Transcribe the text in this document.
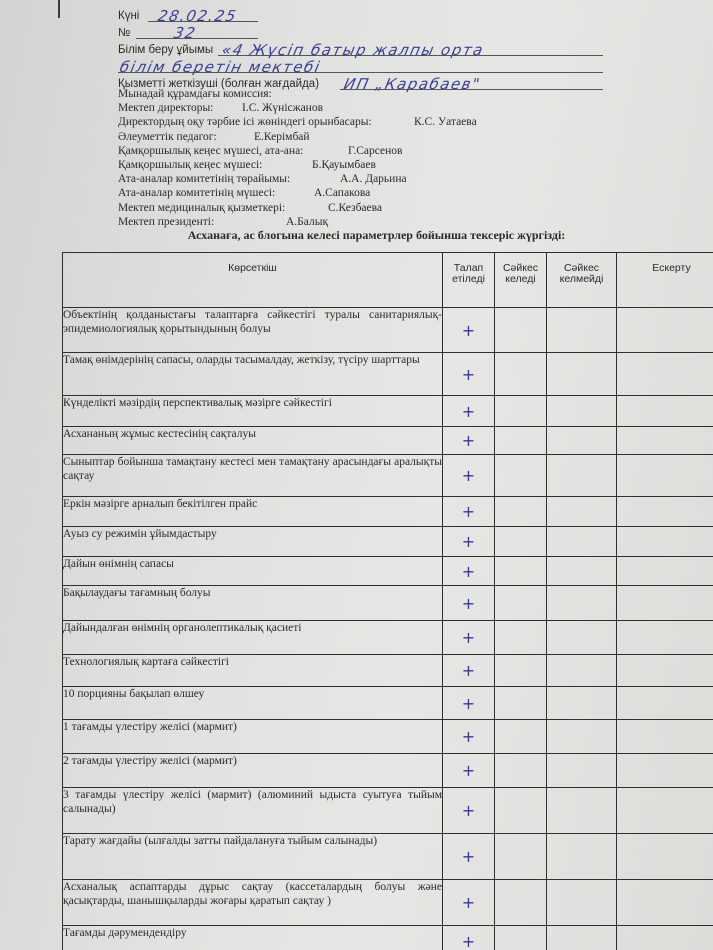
Күні 28.02.25
№	32
Білім беру ұйымы «4 Жүсіп батыр жалпы орта
білім беретін мектебі
Қызметті жеткізуші (болған жағдайда) ИП „Карабаев"
Мынадай құрамдағы комиссия:
Мектеп директоры: І.С. Жүнісжанов
Директордың оқу тәрбие ісі жөніндегі орынбасары:	К.С. Уатаева
Әлеуметтік педагог:	Е.Керімбай
Қамқоршылық кеңес мүшесі, ата-ана:	Г.Сарсенов
Қамқоршылық кеңес мүшесі:	Б.Қауымбаев
Ата-аналар комитетінің төрайымы:	А.А. Дарьина
Ата-аналар комитетінің мүшесі:	А.Сапакова
Мектеп медициналық қызметкері:	С.Кезбаева
Мектеп президенті:	А.Балық
Асханаға, ас блогына келесі параметрлер бойынша тексеріс жүргізді:
Көрсеткіш	Талап етіледі	Сәйкес келеді	Сәйкес келмейді	Ескерту
Объектінің қолданыстағы талаптарға сәйкестігі туралы санитариялық-эпидемиологиялық қорытындының болуы	+			
Тамақ өнімдерінің сапасы, оларды тасымалдау, жеткізу, түсіру шарттары	+			
Күнделікті мәзірдің перспективалық мәзірге сәйкестігі	+			
Асхананың жұмыс кестесінің сақталуы	+			
Сыныптар бойынша тамақтану кестесі мен тамақтану арасындағы аралықты сақтау	+			
Еркін мәзірге арналып бекітілген прайс	+			
Ауыз су режимін ұйымдастыру	+			
Дайын өнімнің сапасы	+			
Бақылаудағы тағамның болуы	+			
Дайындалған өнімнің органолептикалық қасиеті	+			
Технологиялық картаға сәйкестігі	+			
10 порцияны бақылап өлшеу	+			
1 тағамды үлестіру желісі (мармит)	+			
2 тағамды үлестіру желісі (мармит)	+			
3 тағамды үлестіру желісі (мармит) (алюминий ыдыста суытуға тыйым салынады)	+			
Тарату жағдайы (ылғалды затты пайдалануға тыйым салынады)	+			
Асханалық аспаптарды дұрыс сақтау (кассеталардың болуы және қасықтарды, шанышқыларды жоғары қаратып сақтау )	+			
Тағамды дәрумендендіру	+			
